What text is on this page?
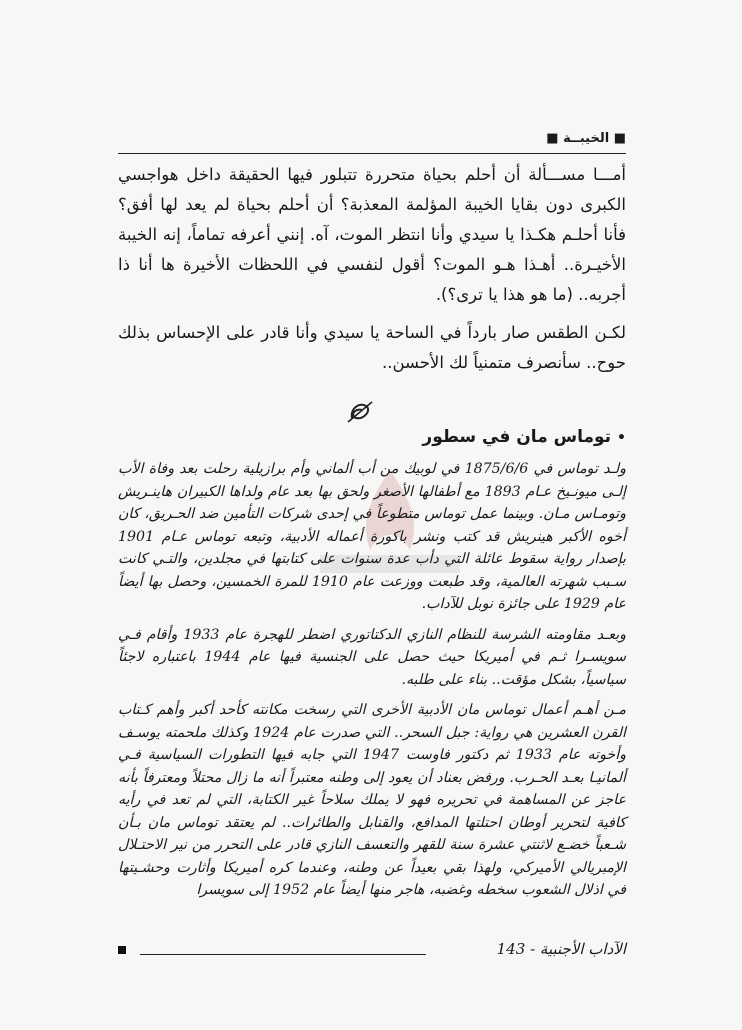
■ الخيبــة ■

أمـــا مســـألة أن أحلم بحياة متحررة تتبلور فيها الحقيقة داخل هواجسي الكبرى دون بقايا الخيبة المؤلمة المعذبة؟ أن أحلم بحياة لم يعد لها أفق؟ فأنا أحلـم هكـذا يا سيدي وأنا انتظر الموت، آه. إنني أعرفه تماماً، إنه الخيبة الأخيـرة.. أهـذا هـو الموت؟ أقول لنفسي في اللحظات الأخيرة ها أنا ذا أجربه.. (ما هو هذا يا ترى؟).

لكـن الطقس صار بارداً في الساحة يا سيدي وأنا قادر على الإحساس بذلك حوح.. سأنصرف متمنياً لك الأحسن..

•توماس مان في سطور

ولـد توماس في 1875/6/6 في لوبيك من أب ألماني وأم برازيلية رحلت بعد وفاة الأب إلـى ميونـيخ عـام 1893 مع أطفالها الأصغر ولحق بها بعد عام ولداها الكبيران هاينـريش وتومـاس مـان. وبينما عمل توماس متطوعاً في إحدى شركات التأمين ضد الحـريق، كان أخوه الأكبر هينريش قد كتب ونشر باكورة أعماله الأدبية، وتبعه توماس عـام 1901 بإصدار رواية سقوط عائلة التي دأب عدة سنوات على كتابتها في مجلدين، والتـي كانت سـبب شهرته العالمية، وقد طبعت ووزعت عام 1910 للمرة الخمسين، وحصل بها أيضاً عام 1929 على جائزة نوبل للآداب.

وبعـد مقاومته الشرسة للنظام النازي الدكتاتوري اضطر للهجرة عام 1933 وأقام فـي سويسـرا ثـم في أميريكا حيث حصل على الجنسية فيها عام 1944 باعتباره لاجئاً سياسياً، بشكل مؤقت.. بناء على طلبه.

مـن أهـم أعمال توماس مان الأدبية الأخرى التي رسخت مكانته كأحد أكبر وأهم كـتاب القرن العشرين هي رواية: جبل السحر.. التي صدرت عام 1924 وكذلك ملحمته يوسـف وأخوته عام 1933 ثم دكتور فاوست 1947 التي جابه فيها التطورات السياسية فـي ألمانيـا بعـد الحـرب. ورفض بعناد أن يعود إلى وطنه معتبراً أنه ما زال محتلاً ومعترفاً بأنه عاجز عن المساهمة في تحريره فهو لا يملك سلاحاً غير الكتابة، التي لم تعد في رأيه كافية لتحرير أوطان احتلتها المدافع، والقنابل والطائرات.. لم يعتقد توماس مان بـأن شـعباً خضـع لاثنتي عشرة سنة للقهر والتعسف النازي قادر على التحرر من نير الاحتـلال الإمبريالي الأميركي، ولهذا بقي بعيداً عن وطنه، وعندما كره أميريكا وأثارت وحشـيتها في اذلال الشعوب سخطه وغضبه، هاجر منها أيضاً عام 1952 إلى سويسرا

الآداب الأجنبية - 143
